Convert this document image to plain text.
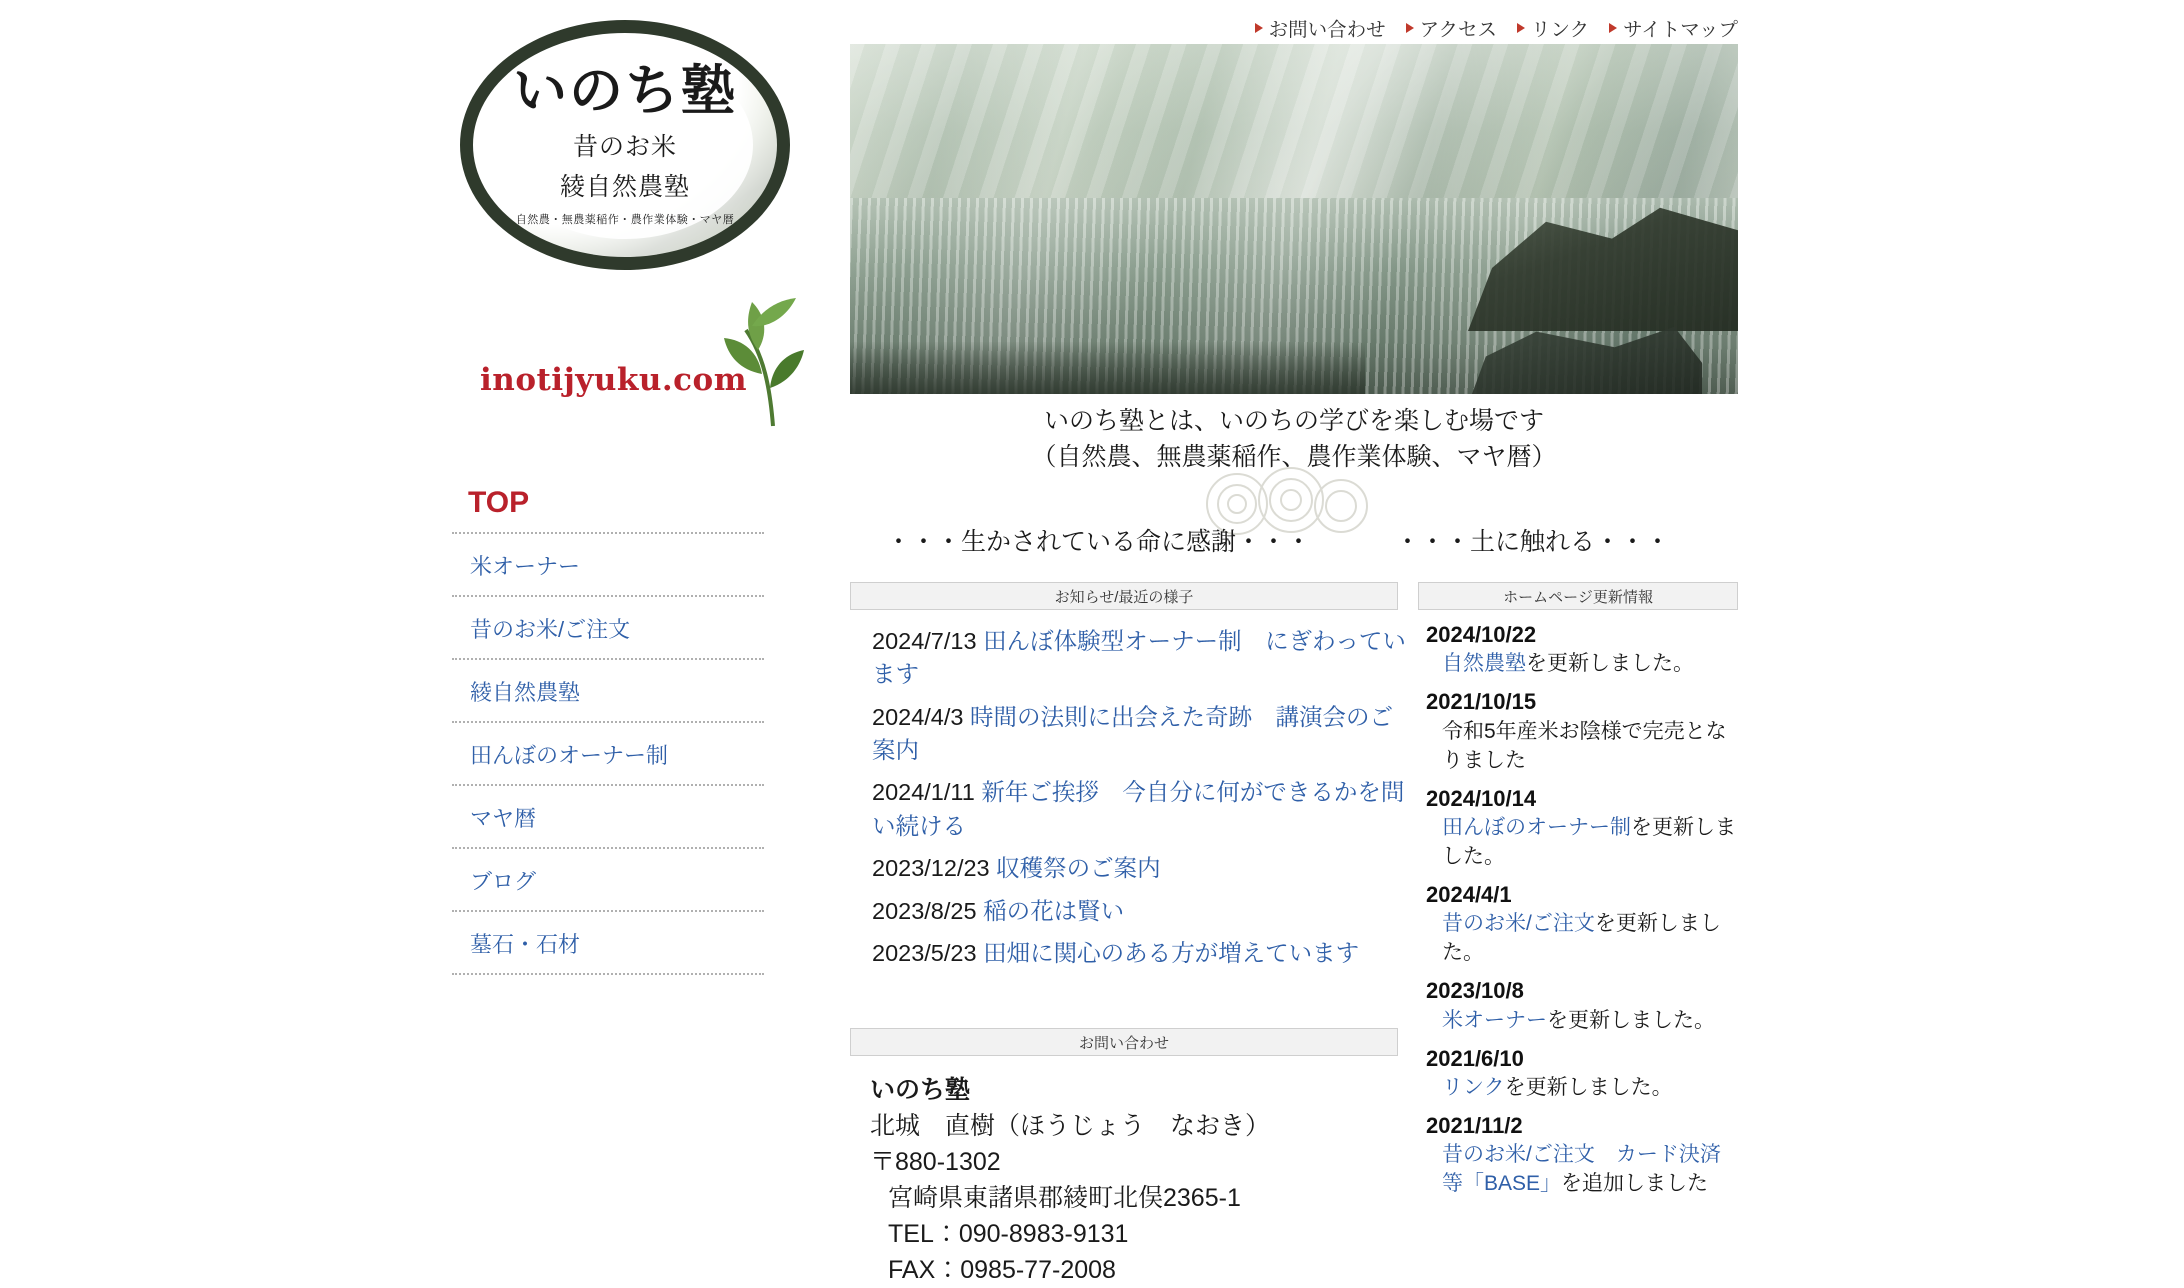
お問い合わせ アクセス リンク サイトマップ
いのち塾
昔のお米
綾自然農塾
自然農・無農薬稲作・農作業体験・マヤ暦
inotijyuku.com
いのち塾とは、いのちの学びを楽しむ場です
（自然農、無農薬稲作、農作業体験、マヤ暦）
・・・生かされている命に感謝・・・	・・・土に触れる・・・
TOP
米オーナー
昔のお米/ご注文
綾自然農塾
田んぼのオーナー制
マヤ暦
ブログ
墓石・石材
お知らせ/最近の様子
2024/7/13 田んぼ体験型オーナー制　にぎわっています
2024/4/3 時間の法則に出会えた奇跡　講演会のご案内
2024/1/11 新年ご挨拶　今自分に何ができるかを問い続ける
2023/12/23 収穫祭のご案内
2023/8/25 稲の花は賢い
2023/5/23 田畑に関心のある方が増えています
ホームページ更新情報
2024/10/22
自然農塾を更新しました。
2021/10/15
令和5年産米お陰様で完売となりました
2024/10/14
田んぼのオーナー制を更新しました。
2024/4/1
昔のお米/ご注文を更新しました。
2023/10/8
米オーナーを更新しました。
2021/6/10
リンクを更新しました。
2021/11/2
昔のお米/ご注文　カード決済等「BASE」を追加しました
お問い合わせ
いのち塾
北城　直樹（ほうじょう　なおき）
〒880-1302
宮崎県東諸県郡綾町北俣2365-1
TEL：090-8983-9131
FAX：0985-77-2008
